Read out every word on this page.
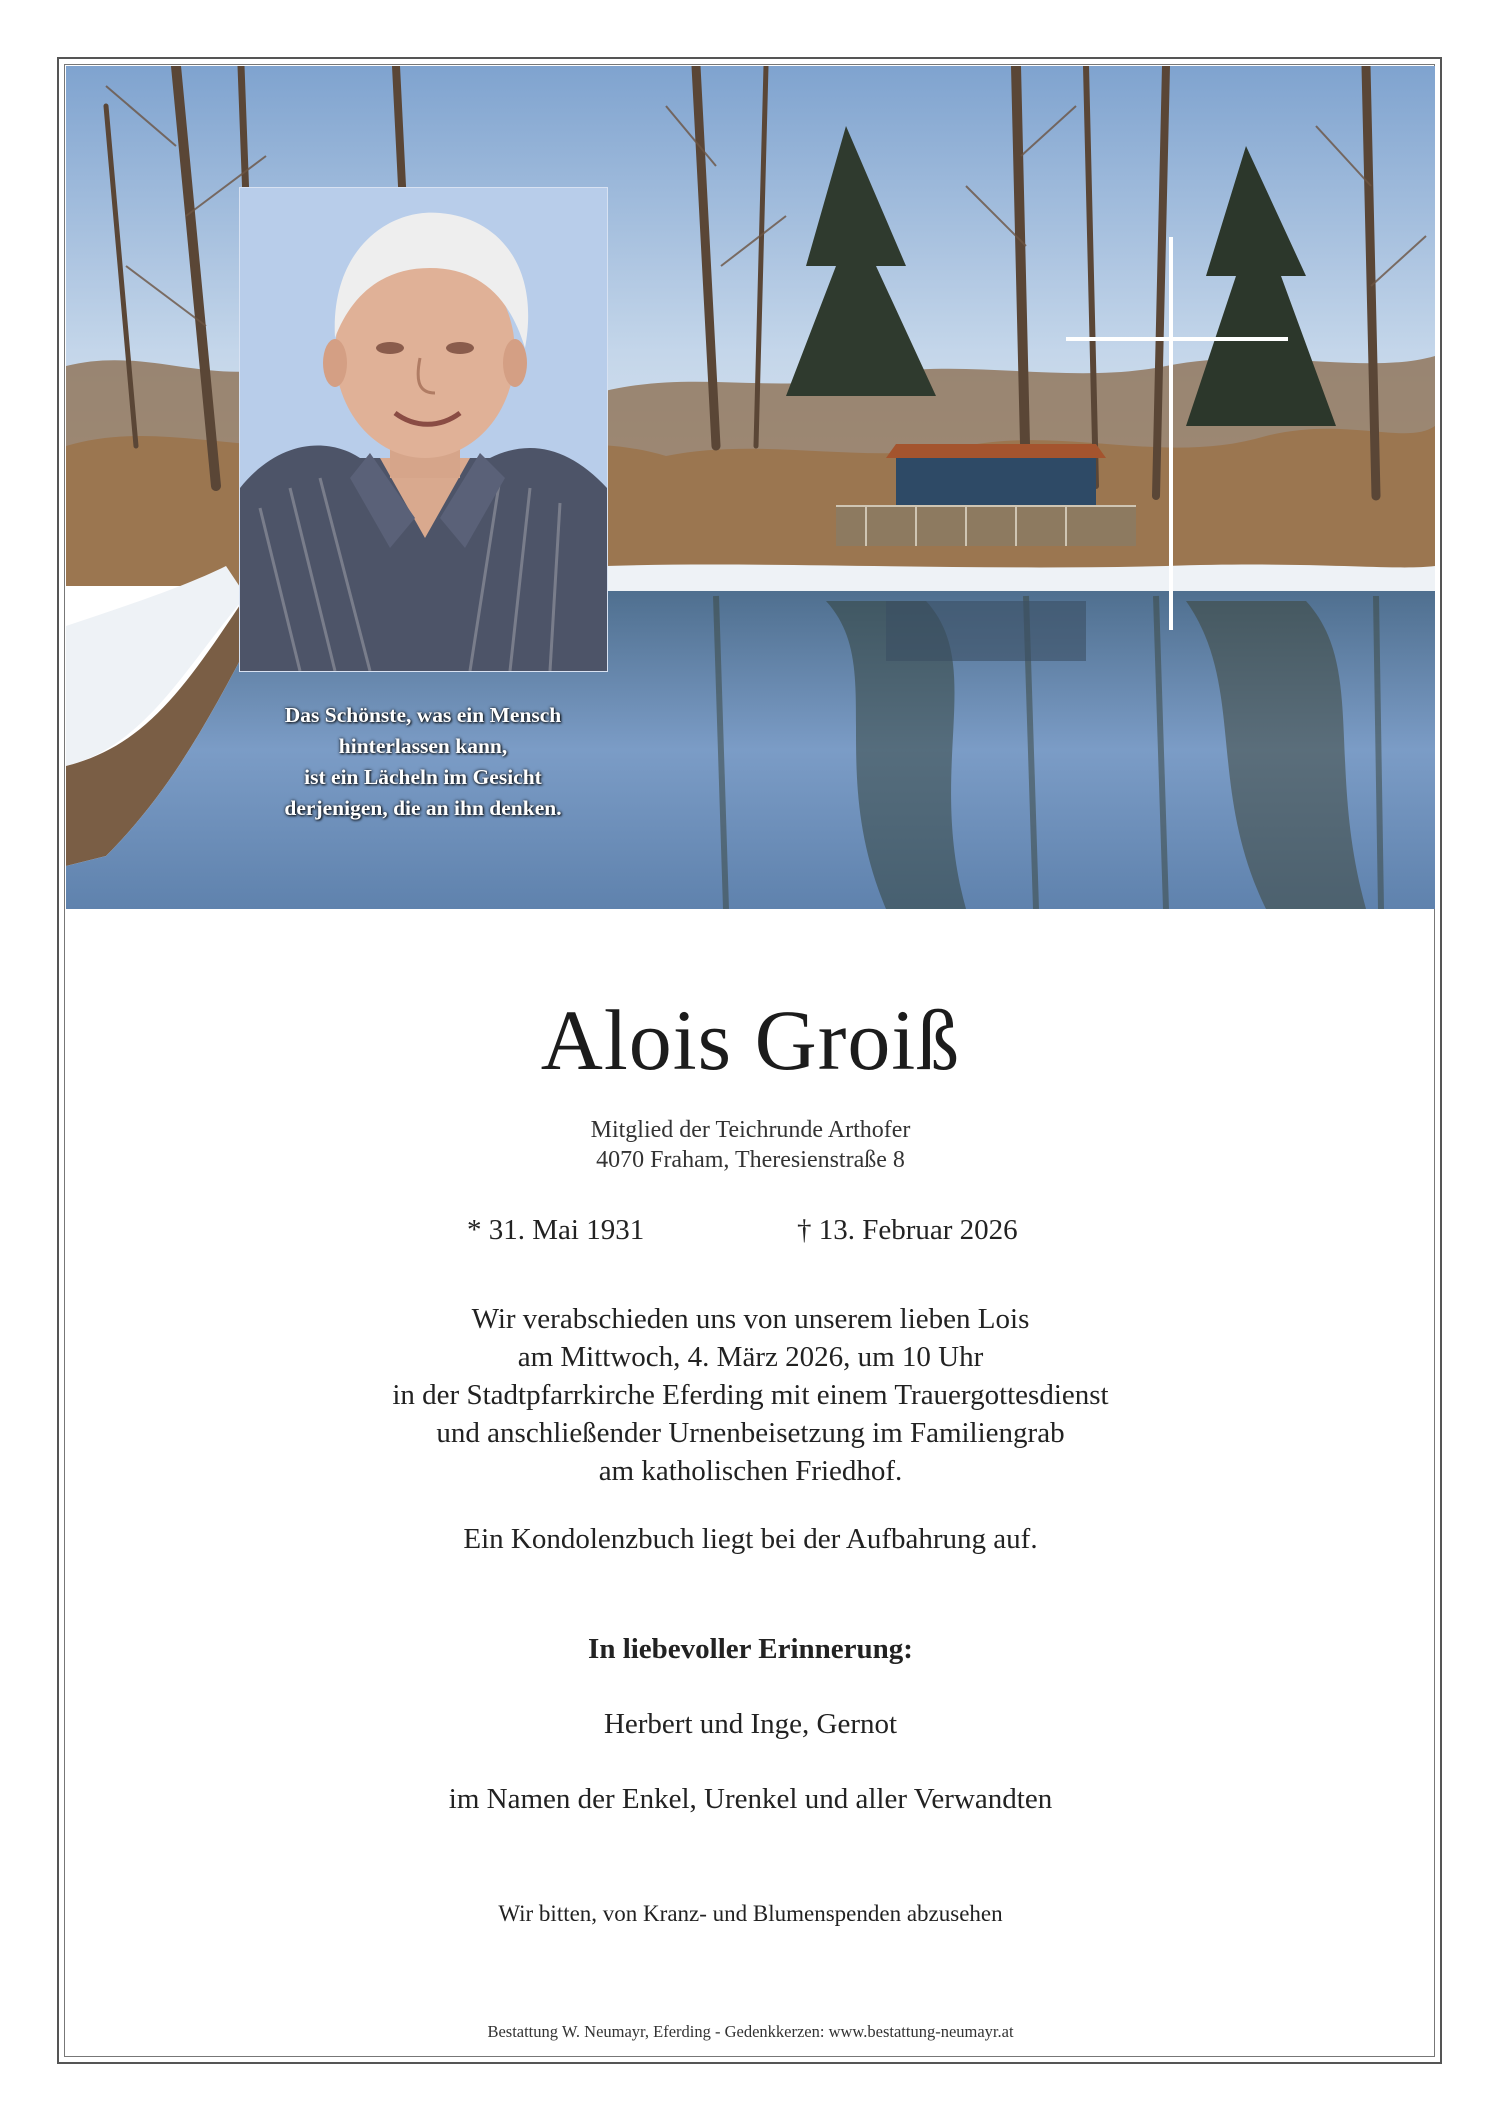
Das Schönste, was ein Mensch
hinterlassen kann,
ist ein Lächeln im Gesicht
derjenigen, die an ihn denken.
Alois Groiß
Mitglied der Teichrunde Arthofer
4070 Fraham, Theresienstraße 8
* 31. Mai 1931	† 13. Februar 2026
Wir verabschieden uns von unserem lieben Lois
am Mittwoch, 4. März 2026, um 10 Uhr
in der Stadtpfarrkirche Eferding mit einem Trauergottesdienst
und anschließender Urnenbeisetzung im Familiengrab
am katholischen Friedhof.
Ein Kondolenzbuch liegt bei der Aufbahrung auf.
In liebevoller Erinnerung:
Herbert und Inge, Gernot
im Namen der Enkel, Urenkel und aller Verwandten
Wir bitten, von Kranz- und Blumenspenden abzusehen
Bestattung W. Neumayr, Eferding - Gedenkkerzen: www.bestattung-neumayr.at
